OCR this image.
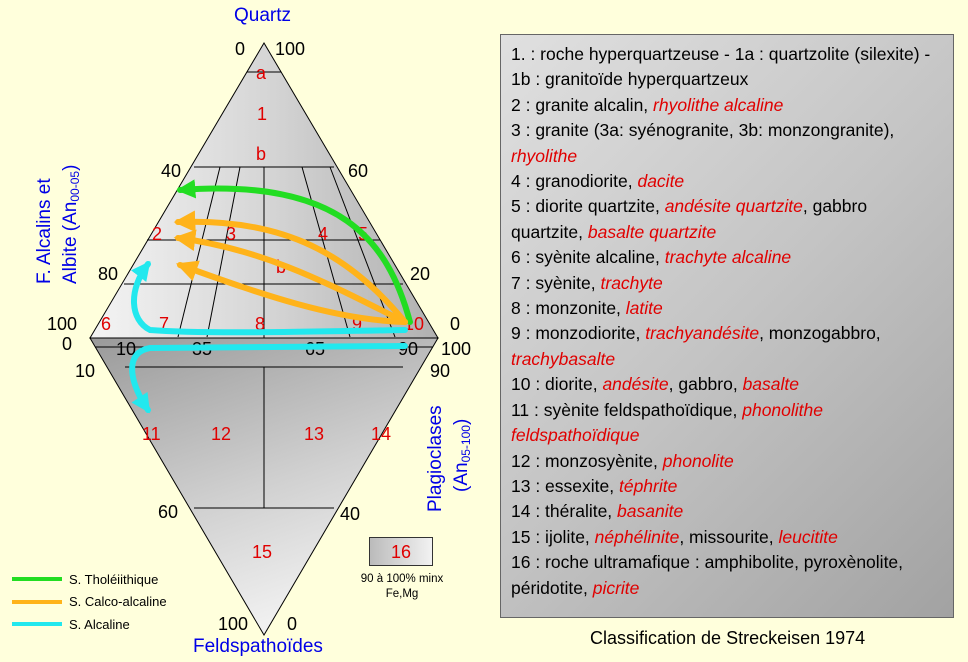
0 100
40	60
80	20
100	0
0	100
10	35	65	90
10	90
60	40
100 0
a
1
b
2	3	4 5
b
6	7	8	9 10
11	12	13	14
15
Quartz
F. Alcalins et Albite (An00-05)
Plagioclases (An05-100)
Feldspathoïdes
16
90 à 100% minx Fe,Mg
S. Tholéiithique
S. Calco-alcaline
S. Alcaline

1. : roche hyperquartzeuse - 1a : quartzolite (silexite) - 1b : granitoïde hyperquartzeux

2 : granite alcalin, rhyolithe alcaline

3 : granite (3a: syénogranite, 3b: monzongranite), rhyolithe

4 : granodiorite, dacite

5 : diorite quartzite, andésite quartzite, gabbro quartzite, basalte quartzite

6 : syènite alcaline, trachyte alcaline

7 : syènite, trachyte

8 : monzonite, latite

9 : monzodiorite, trachyandésite, monzogabbro, trachybasalte

10 : diorite, andésite, gabbro, basalte

11 : syènite feldspathoïdique, phonolithe feldspathoïdique

12 : monzosyènite, phonolite

13 : essexite, téphrite

14 : théralite, basanite

15 : ijolite, néphélinite, missourite, leucitite

16 : roche ultramafique : amphibolite, pyroxènolite, péridotite, picrite

Classification de Streckeisen 1974
